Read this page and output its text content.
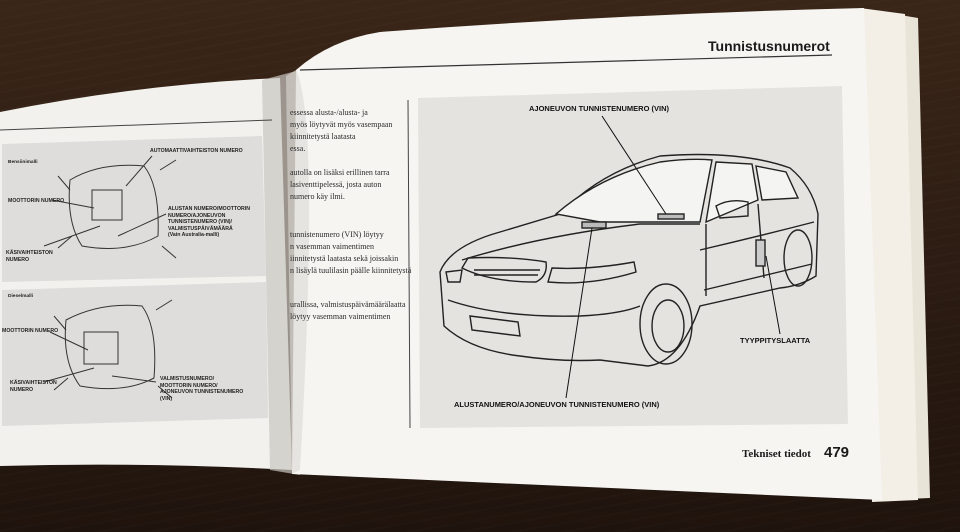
Tunnistusnumerot
AJONEUVON TUNNISTENUMERO (VIN)
TYYPPITYSLAATTA
ALUSTANUMERO/AJONEUVON TUNNISTENUMERO (VIN)
essessa alusta-/alusta- ja
myös löytyvät myös vasempaan
kiinnitetystä laatasta
essa.
autolla on lisäksi erillinen tarra
lasiventtipelessä, josta auton
numero käy ilmi.
tunnistenumero (VIN) löytyy
n vasemman vaimentimen
iinnitetystä laatasta sekä joissakin
n lisäylä tuulilasin päälle kiinnitetystä
urallissa, valmistuspäivämäärälaatta
löytyy vasemman vaimentimen
Bensiinimalli
AUTOMAATTIVAIHTEISTON NUMERO
MOOTTORIN NUMERO
KÄSIVAIHTEISTON
NUMERO
ALUSTAN NUMERO/MOOTTORIN
NUMERO/AJONEUVON
TUNNISTENUMERO (VIN)/
VALMISTUSPÄIVÄMÄÄRÄ
(Vain Australia-malli)
Dieselmalli
MOOTTORIN NUMERO
KÄSIVAIHTEISTON
NUMERO
VALMISTUSNUMERO/
MOOTTORIN NUMERO/
AJONEUVON TUNNISTENUMERO
(VIN)
Tekniset tiedot 479
